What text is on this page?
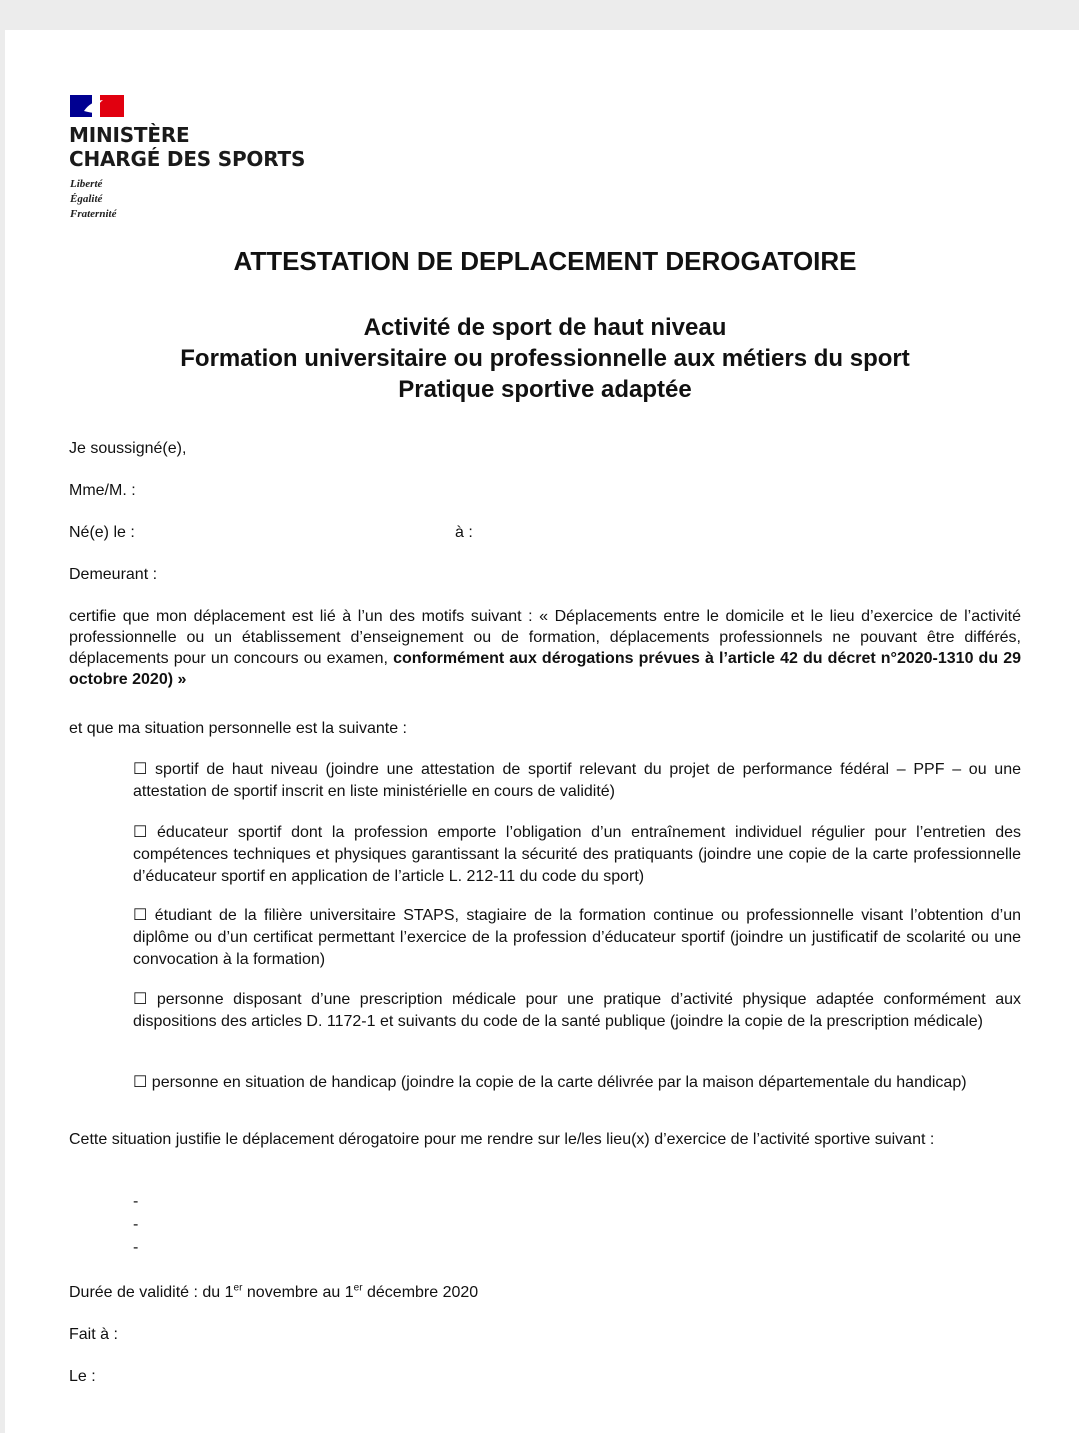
MINISTÈRE
CHARGÉ DES SPORTS
Liberté
Égalité
Fraternité
ATTESTATION DE DEPLACEMENT DEROGATOIRE
Activité de sport de haut niveau
Formation universitaire ou professionnelle aux métiers du sport
Pratique sportive adaptée
Je soussigné(e),
Mme/M. :
Né(e) le :	à :
Demeurant :
certifie que mon déplacement est lié à l’un des motifs suivant : « Déplacements entre le domicile et le lieu d’exercice de l’activité professionnelle ou un établissement d’enseignement ou de formation, déplacements professionnels ne pouvant être différés, déplacements pour un concours ou examen, conformément aux dérogations prévues à l’article 42 du décret n°2020-1310 du 29 octobre 2020) »
et que ma situation personnelle est la suivante :
☐ sportif de haut niveau (joindre une attestation de sportif relevant du projet de performance fédéral – PPF – ou une attestation de sportif inscrit en liste ministérielle en cours de validité)
☐ éducateur sportif dont la profession emporte l’obligation d’un entraînement individuel régulier pour l’entretien des compétences techniques et physiques garantissant la sécurité des pratiquants (joindre une copie de la carte professionnelle d’éducateur sportif en application de l’article L. 212-11 du code du sport)
☐ étudiant de la filière universitaire STAPS, stagiaire de la formation continue ou professionnelle visant l’obtention d’un diplôme ou d’un certificat permettant l’exercice de la profession d’éducateur sportif (joindre un justificatif de scolarité ou une convocation à la formation)
☐ personne disposant d’une prescription médicale pour une pratique d’activité physique adaptée conformément aux dispositions des articles D. 1172-1 et suivants du code de la santé publique (joindre la copie de la prescription médicale)
☐ personne en situation de handicap (joindre la copie de la carte délivrée par la maison départementale du handicap)
Cette situation justifie le déplacement dérogatoire pour me rendre sur le/les lieu(x) d’exercice de l’activité sportive suivant :
-
-
-
Durée de validité : du 1er novembre au 1er décembre 2020
Fait à :
Le :
